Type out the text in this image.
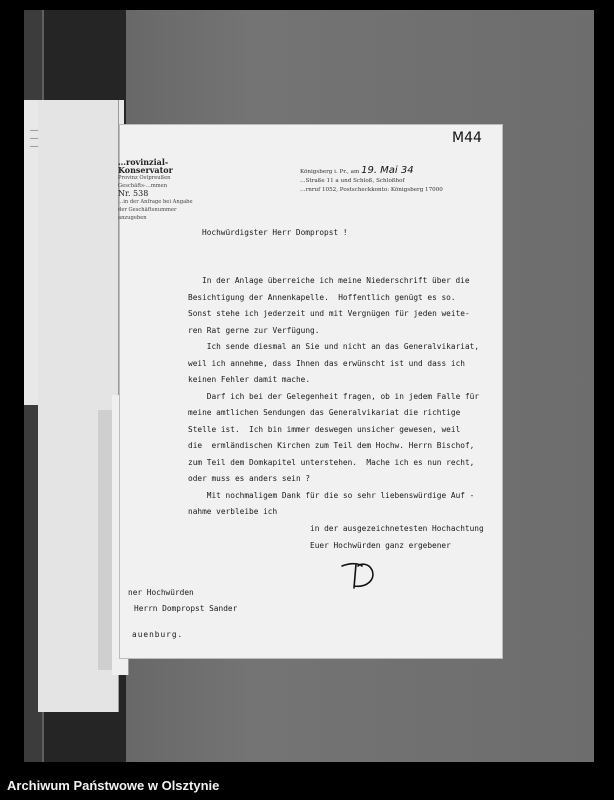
M44
…rovinzial-Konservator
Provinz Ostpreußen
Geschäfts-…mmen
Nr. 538
…in der Anfrage bei Angabe der Geschäftsnummer anzugeben
Königsberg i. Pr., am 19. Mai 34
…Straße 11 a und Schloß, Schloßhof
…rnruf 1052, Postscheckkonto: Königsberg 17000
Hochwürdigster Herr Dompropst !
In der Anlage überreiche ich meine Niederschrift über die
Besichtigung der Annenkapelle.  Hoffentlich genügt es so.
Sonst stehe ich jederzeit und mit Vergnügen für jeden weite-
ren Rat gerne zur Verfügung.
Ich sende diesmal an Sie und nicht an das Generalvikariat,
weil ich annehme, dass Ihnen das erwünscht ist und dass ich
keinen Fehler damit mache.
Darf ich bei der Gelegenheit fragen, ob in jedem Falle für
meine amtlichen Sendungen das Generalvikariat die richtige
Stelle ist.  Ich bin immer deswegen unsicher gewesen, weil
die  ermländischen Kirchen zum Teil dem Hochw. Herrn Bischof,
zum Teil dem Domkapitel unterstehen.  Mache ich es nun recht,
oder muss es anders sein ?
Mit nochmaligem Dank für die so sehr liebenswürdige Auf -
nahme verbleibe ich
in der ausgezeichnetesten Hochachtung
Euer Hochwürden ganz ergebener
ner Hochwürden
Herrn Dompropst Sander
auenburg.
Archiwum Państwowe w Olsztynie
